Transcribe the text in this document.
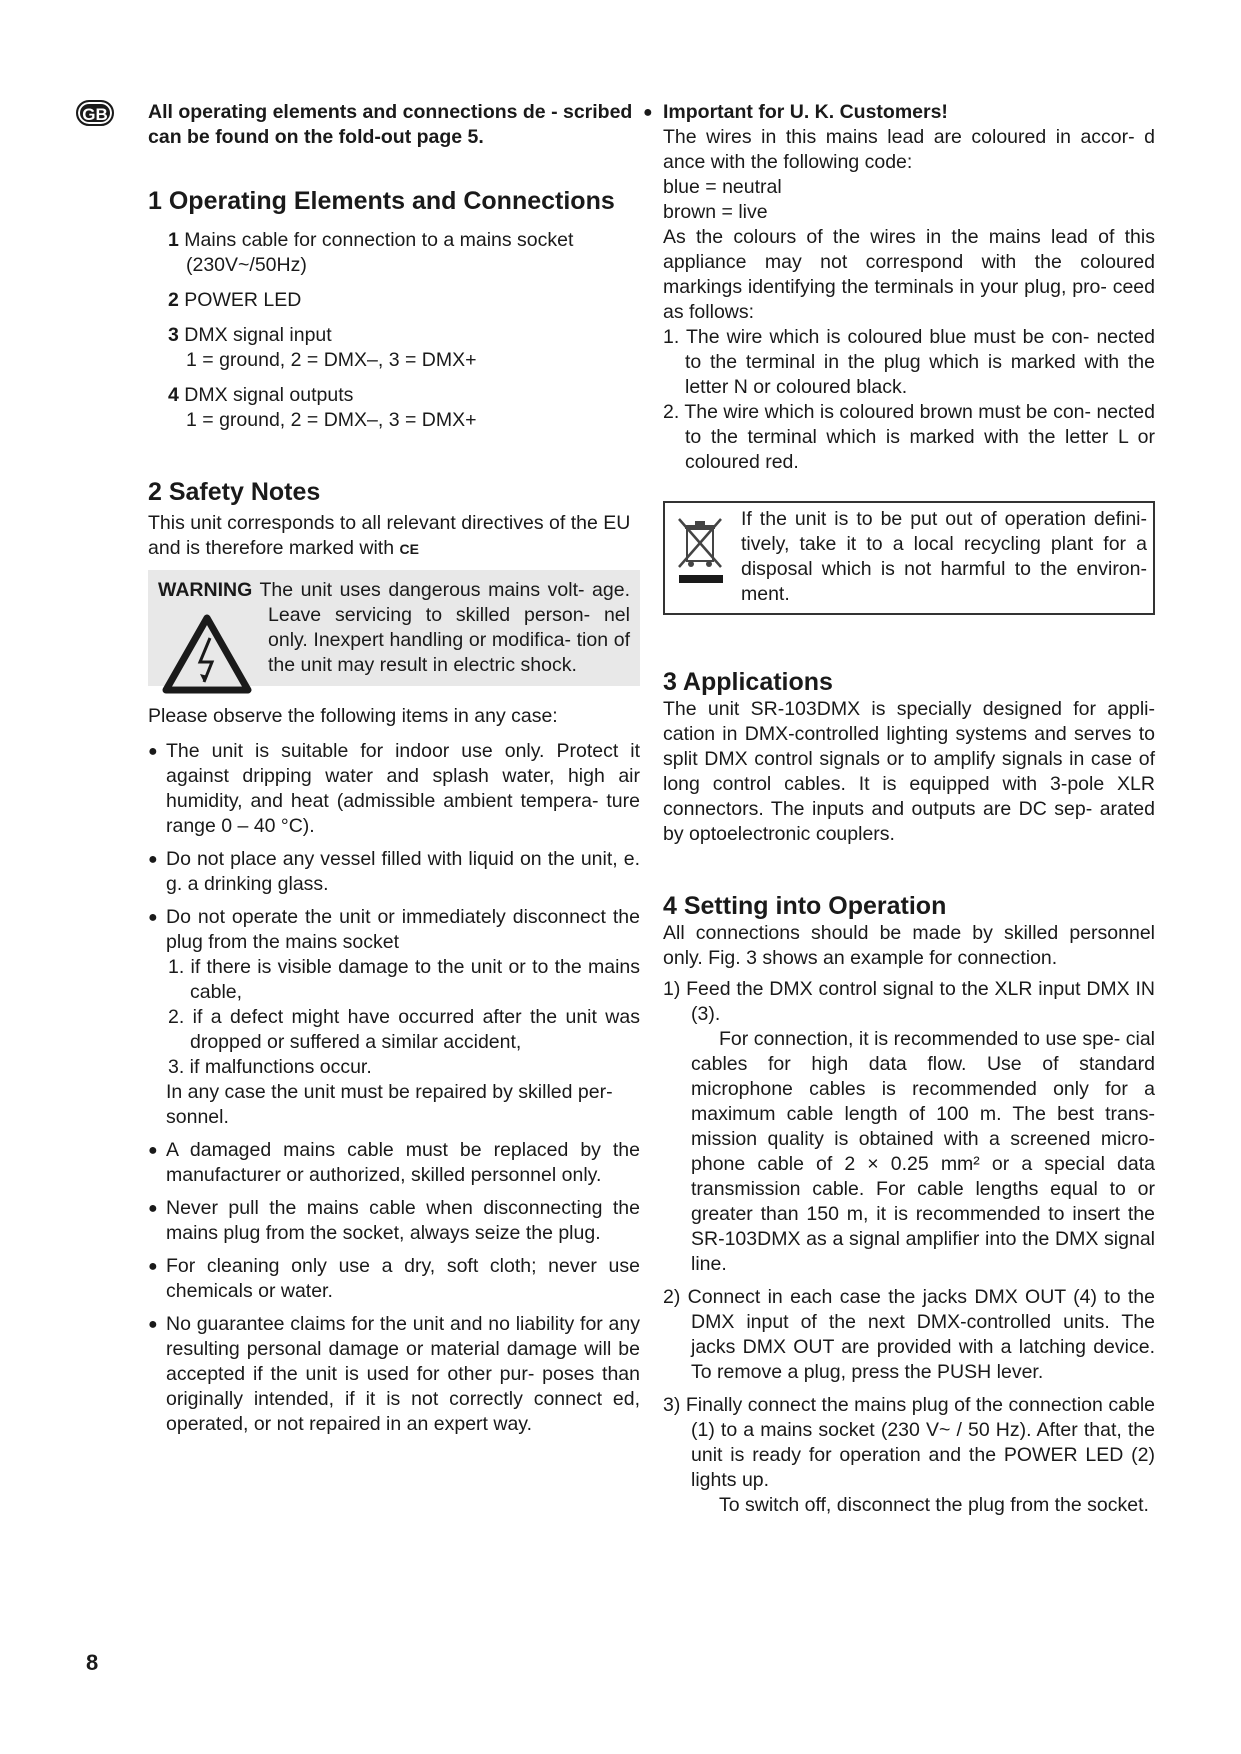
GB	All operating elements and connections de - scribed can be found on the fold-out page 5.

1 Operating Elements and Connections

1 Mains cable for connection to a mains socket

(230V~/50Hz)

2 POWER LED

3 DMX signal input

1 = ground, 2 = DMX–, 3 = DMX+

4 DMX signal outputs

1 = ground, 2 = DMX–, 3 = DMX+

2 Safety Notes

This unit corresponds to all relevant directives of the EU and is therefore marked with CE

WARNING The unit uses dangerous mains volt- age. Leave servicing to skilled person- nel only. Inexpert handling or modifica- tion of the unit may result in electric shock.

Please observe the following items in any case:

● The unit is suitable for indoor use only. Protect it against dripping water and splash water, high air humidity, and heat (admissible ambient tempera- ture range 0 – 40 °C).

● Do not place any vessel filled with liquid on the unit, e. g. a drinking glass.

● Do not operate the unit or immediately disconnect the plug from the mains socket

1. if there is visible damage to the unit or to the mains cable,

2. if a defect might have occurred after the unit was dropped or suffered a similar accident,

3. if malfunctions occur.

In any case the unit must be repaired by skilled per- sonnel.

● A damaged mains cable must be replaced by the manufacturer or authorized, skilled personnel only.

● Never pull the mains cable when disconnecting the mains plug from the socket, always seize the plug.

● For cleaning only use a dry, soft cloth; never use chemicals or water.

● No guarantee claims for the unit and no liability for any resulting personal damage or material damage will be accepted if the unit is used for other pur- poses than originally intended, if it is not correctly connect ed, operated, or not repaired in an expert way.

● Important for U. K. Customers!

The wires in this mains lead are coloured in accor- d ance with the following code:

blue = neutral

brown = live

As the colours of the wires in the mains lead of this appliance may not correspond with the coloured markings identifying the terminals in your plug, pro- ceed as follows:

1. The wire which is coloured blue must be con- nected to the terminal in the plug which is marked with the letter N or coloured black.

2. The wire which is coloured brown must be con- nected to the terminal which is marked with the letter L or coloured red.

If the unit is to be put out of operation defini- tively, take it to a local recycling plant for a disposal which is not harmful to the environ- ment.

3 Applications

The unit SR-103DMX is specially designed for appli- cation in DMX-controlled lighting systems and serves to split DMX control signals or to amplify signals in case of long control cables. It is equipped with 3-pole XLR connectors. The inputs and outputs are DC sep- arated by optoelectronic couplers.

4 Setting into Operation

All connections should be made by skilled personnel only. Fig. 3 shows an example for connection.

1) Feed the DMX control signal to the XLR input DMX IN (3).

For connection, it is recommended to use spe- cial cables for high data flow. Use of standard microphone cables is recommended only for a maximum cable length of 100 m. The best trans- mission quality is obtained with a screened micro- phone cable of 2 × 0.25 mm² or a special data transmission cable. For cable lengths equal to or greater than 150 m, it is recommended to insert the SR-103DMX as a signal amplifier into the DMX signal line.

2) Connect in each case the jacks DMX OUT (4) to the DMX input of the next DMX-controlled units. The jacks DMX OUT are provided with a latching device. To remove a plug, press the PUSH lever.

3) Finally connect the mains plug of the connection cable (1) to a mains socket (230 V~ / 50 Hz). After that, the unit is ready for operation and the POWER LED (2) lights up.

To switch off, disconnect the plug from the socket.

8
